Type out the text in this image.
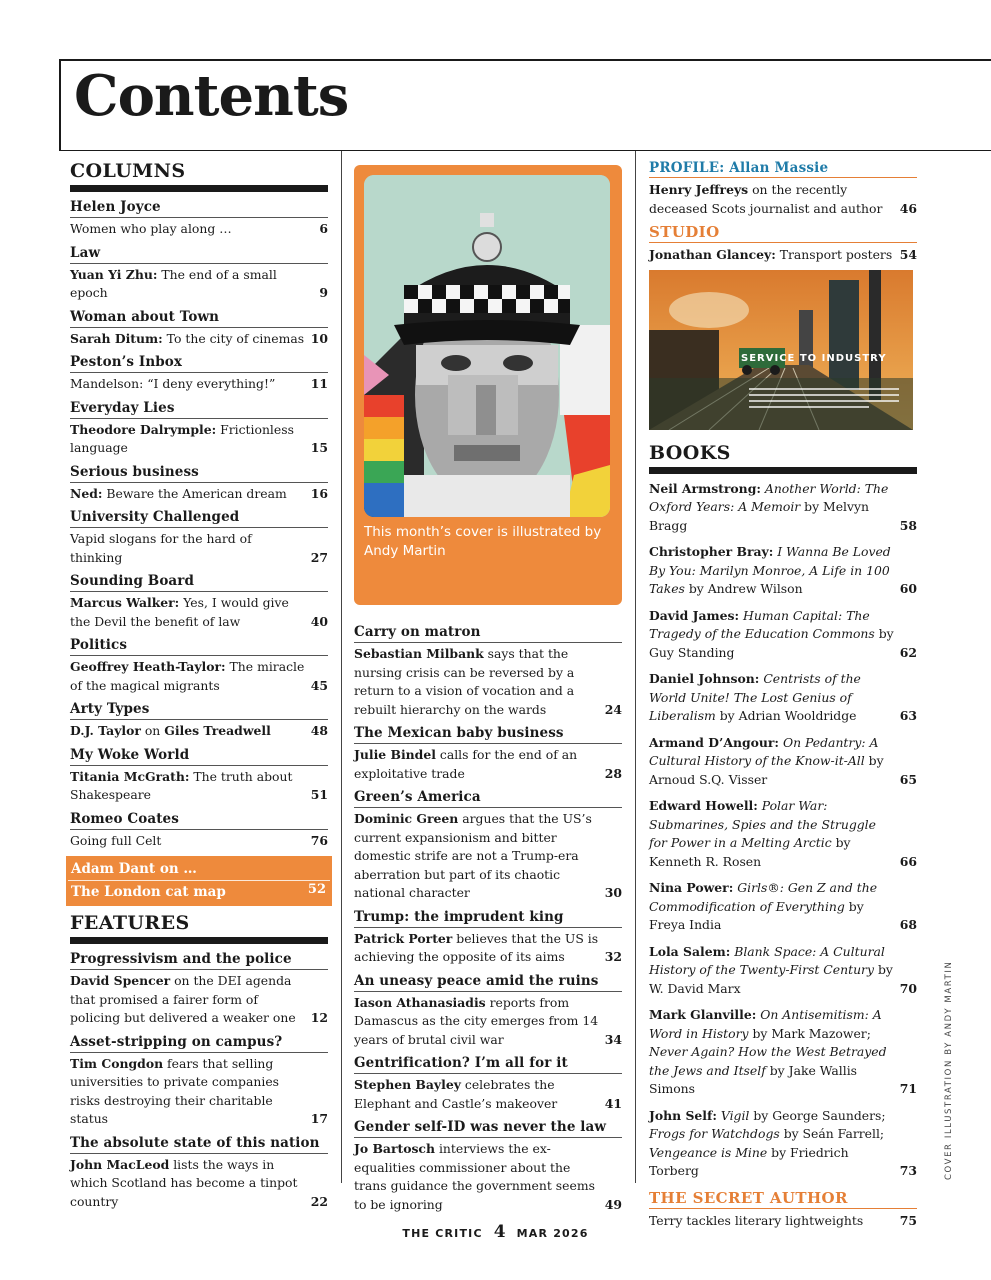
Contents
COLUMNS
Helen Joyce
Women who play along …	6
Law
Yuan Yi Zhu: The end of a small epoch	9
Woman about Town
Sarah Ditum: To the city of cinemas 10
Peston’s Inbox
Mandelson: “I deny everything!”	11
Everyday Lies
Theodore Dalrymple: Frictionless language	15
Serious business
Ned: Beware the American dream 16
University Challenged
Vapid slogans for the hard of thinking	27
Sounding Board
Marcus Walker: Yes, I would give the Devil the benefit of law	40
Politics
Geoffrey Heath-Taylor: The miracle of the magical migrants	45
Arty Types
D.J. Taylor on Giles Treadwell	48
My Woke World
Titania McGrath: The truth about Shakespeare	51
Romeo Coates
Going full Celt	76
Adam Dant on …
The London cat map	52
FEATURES
Progressivism and the police
David Spencer on the DEI agenda that promised a fairer form of policing but delivered a weaker one 12
Asset-stripping on campus?
Tim Congdon fears that selling universities to private companies risks destroying their charitable status	17
The absolute state of this nation
John MacLeod lists the ways in which Scotland has become a tinpot country	22
This month’s cover is illustrated by Andy Martin
Carry on matron
Sebastian Milbank says that the nursing crisis can be reversed by a return to a vision of vocation and a rebuilt hierarchy on the wards	24
The Mexican baby business
Julie Bindel calls for the end of an exploitative trade	28
Green’s America
Dominic Green argues that the US’s current expansionism and bitter domestic strife are not a Trump-era aberration but part of its chaotic national character	30
Trump: the imprudent king
Patrick Porter believes that the US is achieving the opposite of its aims	32
An uneasy peace amid the ruins
Iason Athanasiadis reports from Damascus as the city emerges from 14 years of brutal civil war	34
Gentrification? I’m all for it
Stephen Bayley celebrates the Elephant and Castle’s makeover	41
Gender self-ID was never the law
Jo Bartosch interviews the ex-equalities commissioner about the trans guidance the government seems to be ignoring	49
PROFILE: Allan Massie
Henry Jeffreys on the recently deceased Scots journalist and author 46
STUDIO
Jonathan Glancey: Transport posters 54
SERVICE TO INDUSTRY
BOOKS
Neil Armstrong: Another World: The Oxford Years: A Memoir by Melvyn Bragg	58
Christopher Bray: I Wanna Be Loved By You: Marilyn Monroe, A Life in 100 Takes by Andrew Wilson	60
David James: Human Capital: The Tragedy of the Education Commons by Guy Standing	62
Daniel Johnson: Centrists of the World Unite! The Lost Genius of Liberalism by Adrian Wooldridge	63
Armand D’Angour: On Pedantry: A Cultural History of the Know-it-All by Arnoud S.Q. Visser	65
Edward Howell: Polar War: Submarines, Spies and the Struggle for Power in a Melting Arctic by Kenneth R. Rosen	66
Nina Power: Girls®: Gen Z and the Commodification of Everything by Freya India	68
Lola Salem: Blank Space: A Cultural History of the Twenty-First Century by W. David Marx	70
Mark Glanville: On Antisemitism: A Word in History by Mark Mazower; Never Again? How the West Betrayed the Jews and Itself by Jake Wallis Simons	71
John Self: Vigil by George Saunders; Frogs for Watchdogs by Seán Farrell; Vengeance is Mine by Friedrich Torberg	73
THE SECRET AUTHOR
Terry tackles literary lightweights	75
THE CRITIC 4 MAR 2026
COVER ILLUSTRATION BY ANDY MARTIN
